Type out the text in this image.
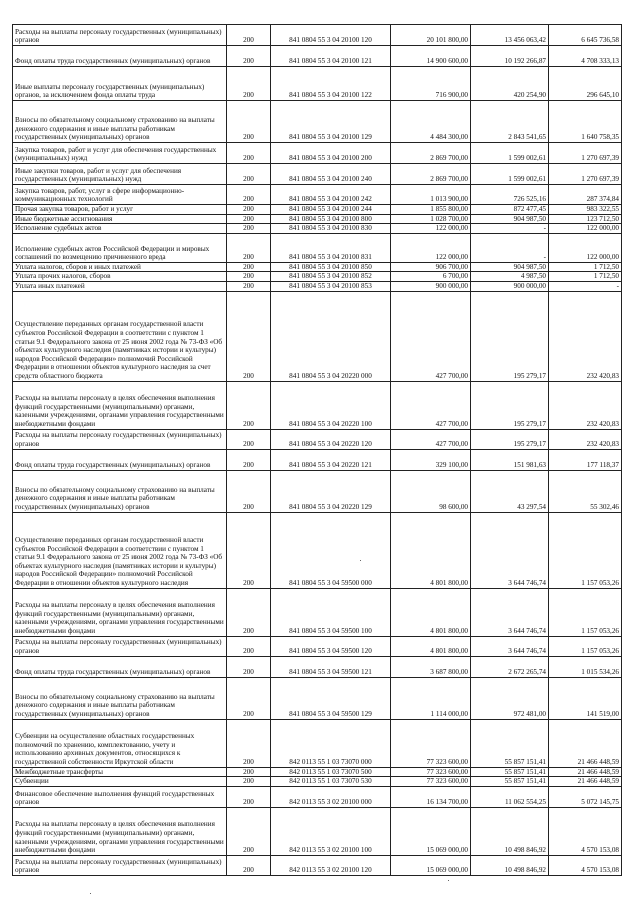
Расходы на выплаты персоналу государственных (муниципальных) органов	200	841 0804 55 3 04 20100 120	20 101 800,00	13 456 063,42	6 645 736,58
Фонд оплаты труда государственных (муниципальных) органов	200	841 0804 55 3 04 20100 121	14 900 600,00	10 192 266,87	4 708 333,13
Иные выплаты персоналу государственных (муниципальных) органов, за исключением фонда оплаты труда	200	841 0804 55 3 04 20100 122	716 900,00	420 254,90	296 645,10
Взносы по обязательному социальному страхованию на выплаты денежного содержания и иные выплаты работникам государственных (муниципальных) органов	200	841 0804 55 3 04 20100 129	4 484 300,00	2 843 541,65	1 640 758,35
Закупка товаров, работ и услуг для обеспечения государственных (муниципальных) нужд	200	841 0804 55 3 04 20100 200	2 869 700,00	1 599 002,61	1 270 697,39
Иные закупки товаров, работ и услуг для обеспечения государственных (муниципальных) нужд	200	841 0804 55 3 04 20100 240	2 869 700,00	1 599 002,61	1 270 697,39
Закупка товаров, работ, услуг в сфере информационно-коммуникационных технологий	200	841 0804 55 3 04 20100 242	1 013 900,00	726 525,16	287 374,84
Прочая закупка товаров, работ и услуг	200	841 0804 55 3 04 20100 244	1 855 800,00	872 477,45	983 322,55
Иные бюджетные ассигнования	200	841 0804 55 3 04 20100 800	1 028 700,00	904 987,50	123 712,50
Исполнение судебных актов	200	841 0804 55 3 04 20100 830	122 000,00	-	122 000,00
Исполнение судебных актов Российской Федерации и мировых соглашений по возмещению причиненного вреда	200	841 0804 55 3 04 20100 831	122 000,00	-	122 000,00
Уплата налогов, сборов и иных платежей	200	841 0804 55 3 04 20100 850	906 700,00	904 987,50	1 712,50
Уплата прочих налогов, сборов	200	841 0804 55 3 04 20100 852	6 700,00	4 987,50	1 712,50
Уплата иных платежей	200	841 0804 55 3 04 20100 853	900 000,00	900 000,00	-
Осуществление переданных органам государственной власти субъектов Российской Федерации в соответствии с пунктом 1 статьи 9.1 Федерального закона от 25 июня 2002 года № 73-ФЗ «Об объектах культурного наследия (памятниках истории и культуры) народов Российской Федерации» полномочий Российской Федерации в отношении объектов культурного наследия за счет средств областного бюджета	200	841 0804 55 3 04 20220 000	427 700,00	195 279,17	232 420,83
Расходы на выплаты персоналу в целях обеспечения выполнения функций государственными (муниципальными) органами, казенными учреждениями, органами управления государственными внебюджетными фондами	200	841 0804 55 3 04 20220 100	427 700,00	195 279,17	232 420,83
Расходы на выплаты персоналу государственных (муниципальных) органов	200	841 0804 55 3 04 20220 120	427 700,00	195 279,17	232 420,83
Фонд оплаты труда государственных (муниципальных) органов	200	841 0804 55 3 04 20220 121	329 100,00	151 981,63	177 118,37
Взносы по обязательному социальному страхованию на выплаты денежного содержания и иные выплаты работникам государственных (муниципальных) органов	200	841 0804 55 3 04 20220 129	98 600,00	43 297,54	55 302,46
Осуществление переданных органам государственной власти субъектов Российской Федерации в соответствии с пунктом 1 статьи 9.1 Федерального закона от 25 июня 2002 года № 73-ФЗ «Об объектах культурного наследия (памятниках истории и культуры) народов Российской Федерации» полномочий Российской Федерации в отношении объектов культурного наследия	200	841 0804 55 3 04 59500 000	4 801 800,00	3 644 746,74	1 157 053,26
Расходы на выплаты персоналу в целях обеспечения выполнения функций государственными (муниципальными) органами, казенными учреждениями, органами управления государственными внебюджетными фондами	200	841 0804 55 3 04 59500 100	4 801 800,00	3 644 746,74	1 157 053,26
Расходы на выплаты персоналу государственных (муниципальных) органов	200	841 0804 55 3 04 59500 120	4 801 800,00	3 644 746,74	1 157 053,26
Фонд оплаты труда государственных (муниципальных) органов	200	841 0804 55 3 04 59500 121	3 687 800,00	2 672 265,74	1 015 534,26
Взносы по обязательному социальному страхованию на выплаты денежного содержания и иные выплаты работникам государственных (муниципальных) органов	200	841 0804 55 3 04 59500 129	1 114 000,00	972 481,00	141 519,00
Субвенции на осуществление областных государственных полномочий по хранению, комплектованию, учету и использованию архивных документов, относящихся к государственной собственности Иркутской области	200	842 0113 55 1 03 73070 000	77 323 600,00	55 857 151,41	21 466 448,59
Межбюджетные трансферты	200	842 0113 55 1 03 73070 500	77 323 600,00	55 857 151,41	21 466 448,59
Субвенции	200	842 0113 55 1 03 73070 530	77 323 600,00	55 857 151,41	21 466 448,59
Финансовое обеспечение выполнения функций государственных органов	200	842 0113 55 3 02 20100 000	16 134 700,00	11 062 554,25	5 072 145,75
Расходы на выплаты персоналу в целях обеспечения выполнения функций государственными (муниципальными) органами, казенными учреждениями, органами управления государственными внебюджетными фондами	200	842 0113 55 3 02 20100 100	15 069 000,00	10 498 846,92	4 570 153,08
Расходы на выплаты персоналу государственных (муниципальных) органов	200	842 0113 55 3 02 20100 120	15 069 000,00	10 498 846,92	4 570 153,08
